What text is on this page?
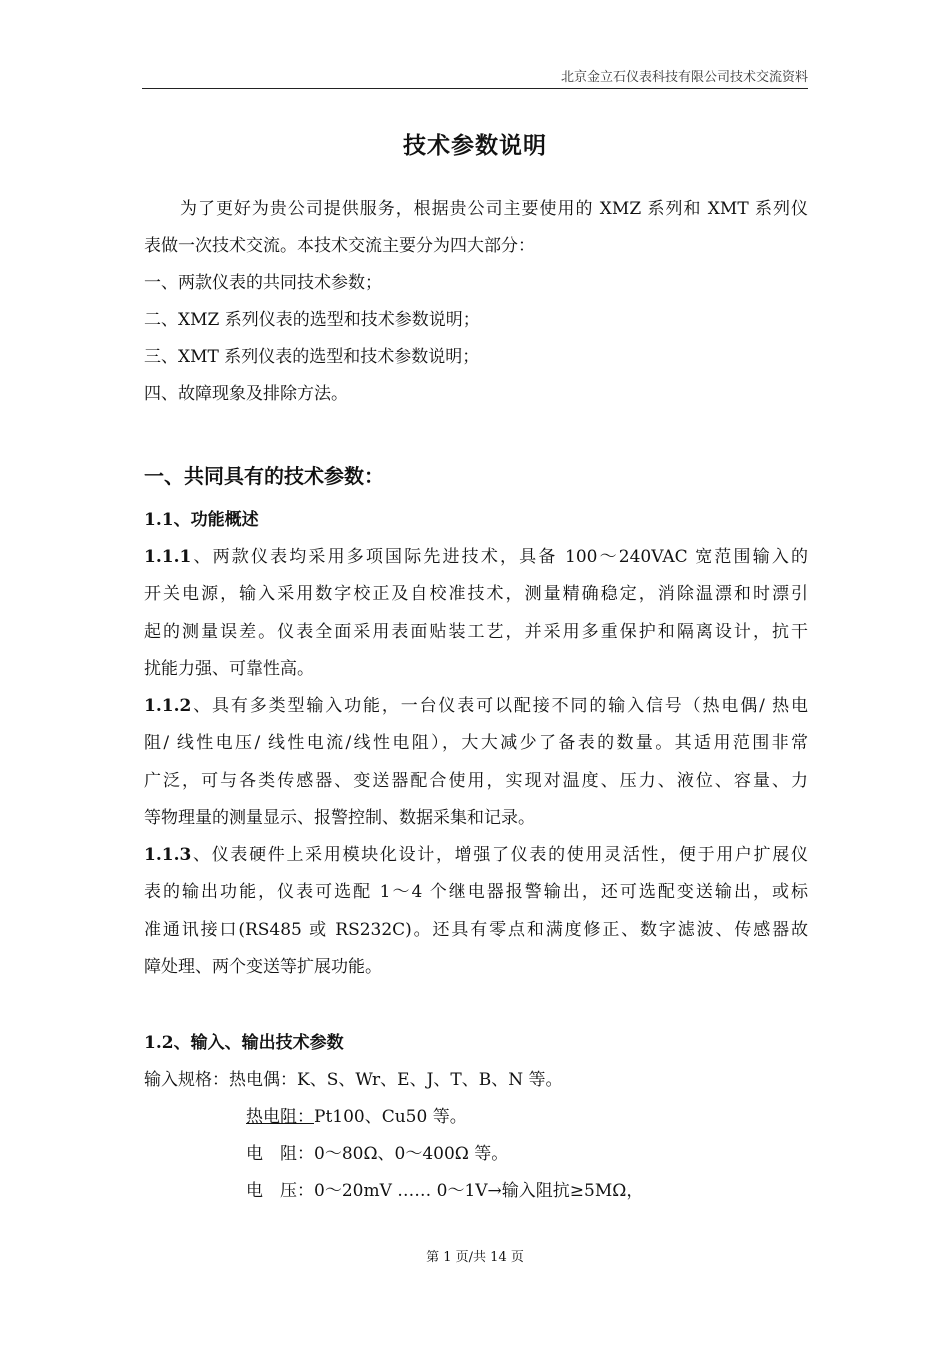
北京金立石仪表科技有限公司技术交流资料
技术参数说明
为了更好为贵公司提供服务，根据贵公司主要使用的 XMZ 系列和 XMT 系列仪
表做一次技术交流。本技术交流主要分为四大部分：
一、两款仪表的共同技术参数；
二、XMZ 系列仪表的选型和技术参数说明；
三、XMT 系列仪表的选型和技术参数说明；
四、故障现象及排除方法。
一、共同具有的技术参数：
1.1、功能概述
1.1.1、两款仪表均采用多项国际先进技术，具备 100～240VAC 宽范围输入的
开关电源，输入采用数字校正及自校准技术，测量精确稳定，消除温漂和时漂引
起的测量误差。仪表全面采用表面贴装工艺，并采用多重保护和隔离设计，抗干
扰能力强、可靠性高。
1.1.2、具有多类型输入功能，一台仪表可以配接不同的输入信号（热电偶/ 热电
阻/ 线性电压/ 线性电流/线性电阻），大大减少了备表的数量。其适用范围非常
广泛，可与各类传感器、变送器配合使用，实现对温度、压力、液位、容量、力
等物理量的测量显示、报警控制、数据采集和记录。
1.1.3、仪表硬件上采用模块化设计，增强了仪表的使用灵活性，便于用户扩展仪
表的输出功能，仪表可选配 1～4 个继电器报警输出，还可选配变送输出，或标
准通讯接口(RS485 或 RS232C)。还具有零点和满度修正、数字滤波、传感器故
障处理、两个变送等扩展功能。
1.2、输入、输出技术参数
输入规格：热电偶：K、S、Wr、E、J、T、B、N 等。
热电阻：Pt100、Cu50 等。
电　阻：0～80Ω、0～400Ω 等。
电　压：0～20mV …… 0～1V→输入阻抗≥5MΩ，
第 1 页/共 14 页
